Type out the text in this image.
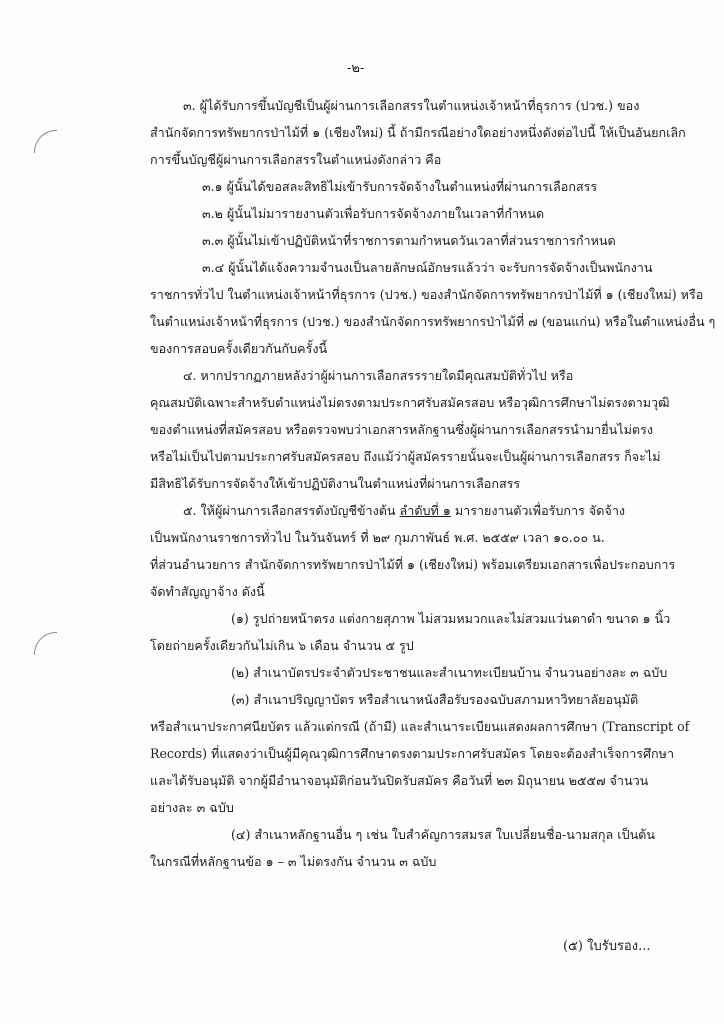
-๒-
๓. ผู้ได้รับการขึ้นบัญชีเป็นผู้ผ่านการเลือกสรรในตำแหน่งเจ้าหน้าที่ธุรการ (ปวช.) ของ
สำนักจัดการทรัพยากรป่าไม้ที่ ๑ (เชียงใหม่) นี้ ถ้ามีกรณีอย่างใดอย่างหนึ่งดังต่อไปนี้ ให้เป็นอันยกเลิก
การขึ้นบัญชีผู้ผ่านการเลือกสรรในตำแหน่งดังกล่าว คือ
๓.๑ ผู้นั้นได้ขอสละสิทธิไม่เข้ารับการจัดจ้างในตำแหน่งที่ผ่านการเลือกสรร
๓.๒ ผู้นั้นไม่มารายงานตัวเพื่อรับการจัดจ้างภายในเวลาที่กำหนด
๓.๓ ผู้นั้นไม่เข้าปฏิบัติหน้าที่ราชการตามกำหนดวันเวลาที่ส่วนราชการกำหนด
๓.๔ ผู้นั้นได้แจ้งความจำนงเป็นลายลักษณ์อักษรแล้วว่า จะรับการจัดจ้างเป็นพนักงาน
ราชการทั่วไป ในตำแหน่งเจ้าหน้าที่ธุรการ (ปวช.) ของสำนักจัดการทรัพยากรป่าไม้ที่ ๑ (เชียงใหม่) หรือ
ในตำแหน่งเจ้าหน้าที่ธุรการ (ปวช.) ของสำนักจัดการทรัพยากรป่าไม้ที่ ๗ (ขอนแก่น) หรือในตำแหน่งอื่น ๆ
ของการสอบครั้งเดียวกันกับครั้งนี้
๔. หากปรากฏภายหลังว่าผู้ผ่านการเลือกสรรรายใดมีคุณสมบัติทั่วไป หรือ
คุณสมบัติเฉพาะสำหรับตำแหน่งไม่ตรงตามประกาศรับสมัครสอบ หรือวุฒิการศึกษาไม่ตรงตามวุฒิ
ของตำแหน่งที่สมัครสอบ หรือตรวจพบว่าเอกสารหลักฐานซึ่งผู้ผ่านการเลือกสรรนำมายื่นไม่ตรง
หรือไม่เป็นไปตามประกาศรับสมัครสอบ ถึงแม้ว่าผู้สมัครรายนั้นจะเป็นผู้ผ่านการเลือกสรร ก็จะไม่
มีสิทธิได้รับการจัดจ้างให้เข้าปฏิบัติงานในตำแหน่งที่ผ่านการเลือกสรร
๕. ให้ผู้ผ่านการเลือกสรรดังบัญชีข้างต้น ลำดับที่ ๑ มารายงานตัวเพื่อรับการ จัดจ้าง
เป็นพนักงานราชการทั่วไป ในวันจันทร์ ที่ ๒๙ กุมภาพันธ์ พ.ศ. ๒๕๕๙ เวลา ๑๐.๐๐ น.
ที่ส่วนอำนวยการ สำนักจัดการทรัพยากรป่าไม้ที่ ๑ (เชียงใหม่) พร้อมเตรียมเอกสารเพื่อประกอบการ
จัดทำสัญญาจ้าง ดังนี้
(๑) รูปถ่ายหน้าตรง แต่งกายสุภาพ ไม่สวมหมวกและไม่สวมแว่นตาดำ ขนาด ๑ นิ้ว
โดยถ่ายครั้งเดียวกันไม่เกิน ๖ เดือน จำนวน ๕ รูป
(๒) สำเนาบัตรประจำตัวประชาชนและสำเนาทะเบียนบ้าน จำนวนอย่างละ ๓ ฉบับ
(๓) สำเนาปริญญาบัตร หรือสำเนาหนังสือรับรองฉบับสภามหาวิทยาลัยอนุมัติ
หรือสำเนาประกาศนียบัตร แล้วแต่กรณี (ถ้ามี) และสำเนาระเบียนแสดงผลการศึกษา (Transcript of
Records) ที่แสดงว่าเป็นผู้มีคุณวุฒิการศึกษาตรงตามประกาศรับสมัคร โดยจะต้องสำเร็จการศึกษา
และได้รับอนุมัติ จากผู้มีอำนาจอนุมัติก่อนวันปิดรับสมัคร คือวันที่ ๒๓ มิถุนายน ๒๕๕๗ จำนวน
อย่างละ ๓ ฉบับ
(๔) สำเนาหลักฐานอื่น ๆ เช่น ใบสำคัญการสมรส ใบเปลี่ยนชื่อ-นามสกุล เป็นต้น
ในกรณีที่หลักฐานข้อ ๑ – ๓ ไม่ตรงกัน จำนวน ๓ ฉบับ
(๕) ใบรับรอง...
